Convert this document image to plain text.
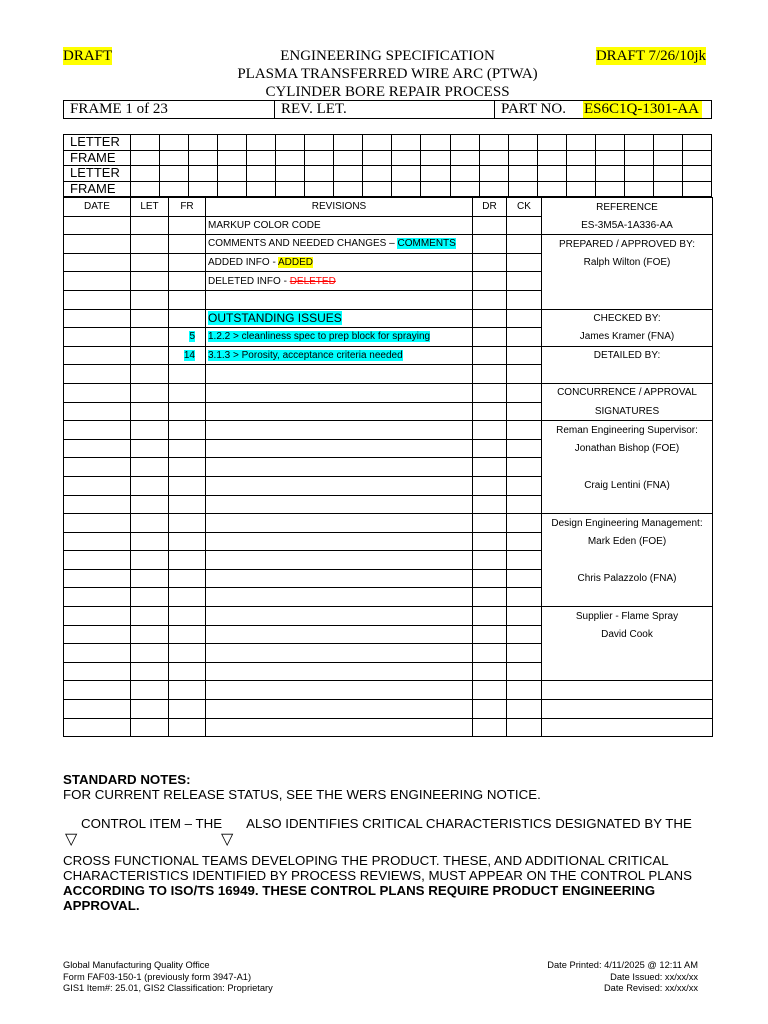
DRAFT	DRAFT 7/26/10jk
ENGINEERING SPECIFICATION
PLASMA TRANSFERRED WIRE ARC (PTWA)
CYLINDER BORE REPAIR PROCESS
FRAME 1 of 23	REV. LET.	PART NO. ES6C1Q-1301-AA
LETTER																				
FRAME																				
LETTER																				
FRAME																				
DATE	LET	FR	REVISIONS	DR	CK	REFERENCE
			MARKUP COLOR CODE			ES-3M5A-1A336-AA
			COMMENTS AND NEEDED CHANGES – COMMENTS			PREPARED / APPROVED BY:
			ADDED INFO - ADDED			Ralph Wilton (FOE)
			DELETED INFO - DELETED			

			OUTSTANDING ISSUES			CHECKED BY:
		5	1.2.2 > cleanliness spec to prep block for spraying			James Kramer (FNA)
		14	3.1.3 > Porosity, acceptance criteria needed			DETAILED BY:

						CONCURRENCE / APPROVAL
						SIGNATURES
						Reman Engineering Supervisor:
						Jonathan Bishop (FOE)

						Craig Lentini (FNA)

						Design Engineering Management:
						Mark Eden (FOE)

						Chris Palazzolo (FNA)

						Supplier - Flame Spray
						David Cook

STANDARD NOTES:
FOR CURRENT RELEASE STATUS, SEE THE WERS ENGINEERING NOTICE.
CONTROL ITEM – THE ALSO IDENTIFIES CRITICAL CHARACTERISTICS DESIGNATED BY THE
▽	▽
CROSS FUNCTIONAL TEAMS DEVELOPING THE PRODUCT. THESE, AND ADDITIONAL CRITICAL
CHARACTERISTICS IDENTIFIED BY PROCESS REVIEWS, MUST APPEAR ON THE CONTROL PLANS
ACCORDING TO ISO/TS 16949. THESE CONTROL PLANS REQUIRE PRODUCT ENGINEERING APPROVAL.
Global Manufacturing Quality Office
Form FAF03-150-1 (previously form 3947-A1)
GIS1 Item#: 25.01, GIS2 Classification: Proprietary
Date Printed: 4/11/2025 @ 12:11 AM
Date Issued: xx/xx/xx
Date Revised: xx/xx/xx
